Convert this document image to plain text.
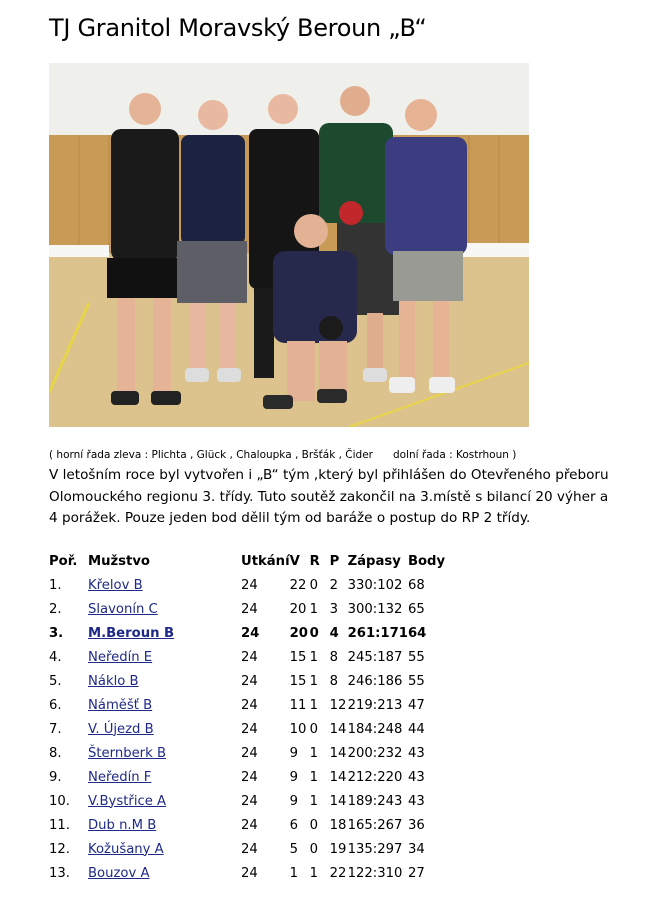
TJ Granitol Moravský Beroun „B“
( horní řada zleva : Plichta , Glück , Chaloupka , Bršťák , Čider      dolní řada : Kostrhoun )

V letošním roce byl vytvořen i „B“ tým ,který byl přihlášen do Otevřeného přeboru

Olomouckého regionu 3. třídy. Tuto soutěž zakončil na 3.místě s bilancí 20 výher a

4 porážek. Pouze jeden bod dělil tým od baráže o postup do RP 2 třídy.

Poř.	Mužstvo	Utkání	V	R	P	Zápasy	Body
1.	Křelov B	24	22	0	2	330:102	68
2.	Slavonín C	24	20	1	3	300:132	65
3.	M.Beroun B	24	20	0	4	261:171	64
4.	Neředín E	24	15	1	8	245:187	55
5.	Náklo B	24	15	1	8	246:186	55
6.	Náměšť B	24	11	1	12	219:213	47
7.	V. Újezd B	24	10	0	14	184:248	44
8.	Šternberk B	24	9	1	14	200:232	43
9.	Neředín F	24	9	1	14	212:220	43
10.	V.Bystřice A	24	9	1	14	189:243	43
11.	Dub n.M B	24	6	0	18	165:267	36
12.	Kožušany A	24	5	0	19	135:297	34
13.	Bouzov A	24	1	1	22	122:310	27
